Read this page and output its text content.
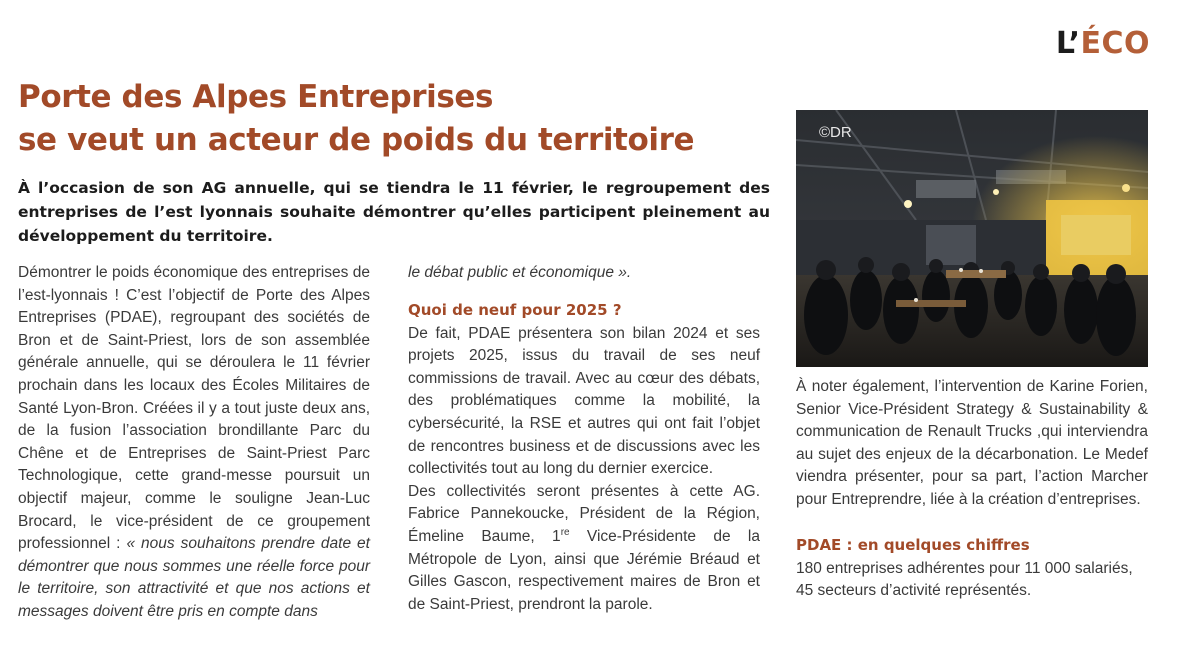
L’ÉCO
Porte des Alpes Entreprises
se veut un acteur de poids du territoire

À l’occasion de son AG annuelle, qui se tiendra le 11 février, le regroupement des entreprises de l’est lyonnais souhaite démontrer qu’elles participent pleinement au développement du territoire.

Démontrer le poids économique des entreprises de l’est-lyonnais ! C’est l’objectif de Porte des Alpes Entreprises (PDAE), regroupant des sociétés de Bron et de Saint-Priest, lors de son assemblée générale annuelle, qui se déroulera le 11 février prochain dans les locaux des Écoles Militaires de Santé Lyon-Bron. Créées il y a tout juste deux ans, de la fusion l’association brondillante Parc du Chêne et de Entreprises de Saint-Priest Parc Technologique, cette grand-messe poursuit un objectif majeur, comme le souligne Jean-Luc Brocard, le vice-président de ce groupement professionnel : « nous souhaitons prendre date et démontrer que nous sommes une réelle force pour le territoire, son attractivité et que nos actions et messages doivent être pris en compte dans

le débat public et économique ».

Quoi de neuf pour 2025 ?

De fait, PDAE présentera son bilan 2024 et ses projets 2025, issus du travail de ses neuf commissions de travail. Avec au cœur des débats, des problématiques comme la mobilité, la cybersécurité, la RSE et autres qui ont fait l’objet de rencontres business et de discussions avec les collectivités tout au long du dernier exercice.

Des collectivités seront présentes à cette AG. Fabrice Pannekoucke, Président de la Région, Émeline Baume, 1re Vice-Présidente de la Métropole de Lyon, ainsi que Jérémie Bréaud et Gilles Gascon, respectivement maires de Bron et de Saint-Priest, prendront la parole.

©DR

À noter également, l’intervention de Karine Forien, Senior Vice-Président Strategy & Sustainability & communication de Renault Trucks ,qui interviendra au sujet des enjeux de la décarbonation. Le Medef viendra présenter, pour sa part, l’action Marcher pour Entreprendre, liée à la création d’entreprises.

PDAE : en quelques chiffres

180 entreprises adhérentes pour 11 000 salariés,

45 secteurs d’activité représentés.
